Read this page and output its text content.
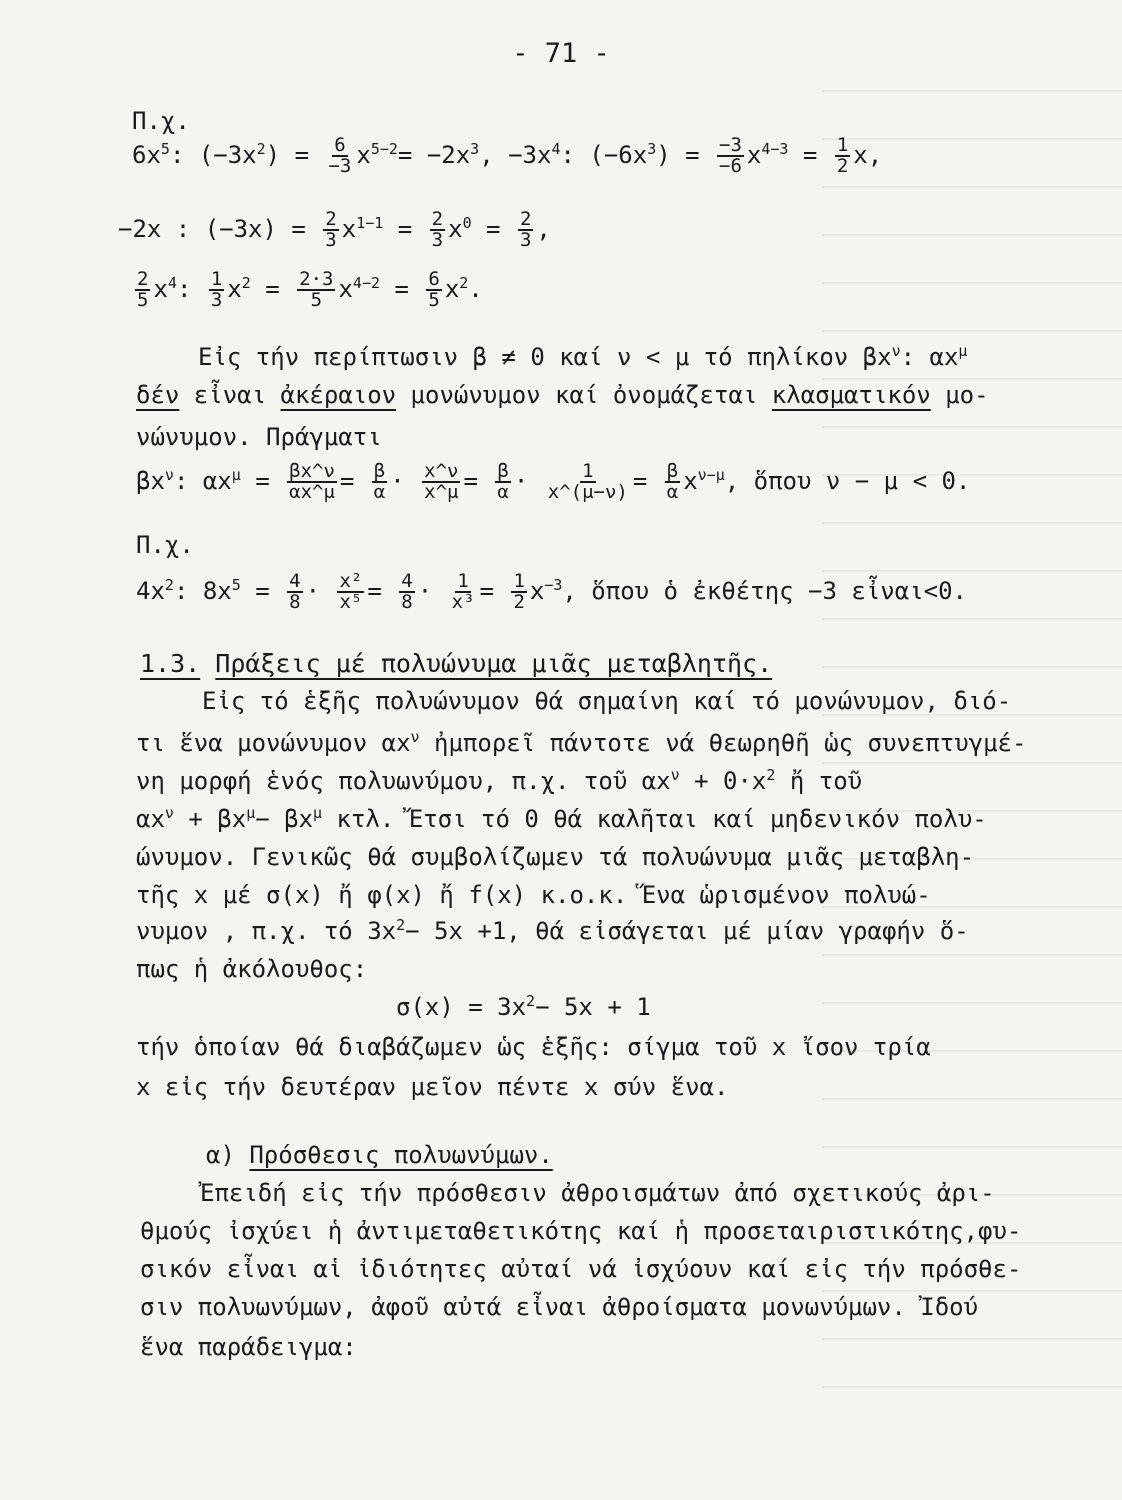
- 71 -
Π.χ.
$6x^5$: $(-3x^2) = \frac{6}{-3} x^{5-2}= -2x^3$, $-3x^4$: $(-6x^3) = \frac{-3}{-6} x^{4-3} = \frac{1}{2} x$,
−2x : $(-3x) = \frac{2}{3} x^{1-1} = \frac{2}{3} x^0 = \frac{2}{3}$ ,
$\frac{2}{5} x^4$: $\frac{1}{3} x^2 = \frac{2\cdot 3}{5} x^{4-2} = \frac{6}{5} x^2$.
Εἰς τήν περίπτωσιν β ≠ 0 καί ν < μ τό πηλίκον $\beta x^\nu$: $\alpha x^\mu$
δέν εἶναι ἀκέραιον μονώνυμον καί ὀνομάζεται κλασματικόν μο-
νώνυμον. Πράγματι
$\beta x^\nu$: $\alpha x^\mu = \frac{\beta x\^{}\nu}{\alpha x\^{}\mu} = \frac{\beta}{\alpha} \cdot \frac{x\^{}\nu}{x\^{}\mu} = \frac{\beta}{\alpha} \cdot \frac{1}{x\^{}(\mu-\nu)} = \frac{\beta}{\alpha} x^{\nu-\mu}$, ὅπου ν − μ < 0.
Π.χ.
$4x^2$: $8x^5 = \frac{4}{8} \cdot \frac{\text{x²}}{\text{x⁵}} = \frac{4}{8} \cdot \frac{1}{\text{x³}} = \frac{1}{2} x^{-3}$, ὅπου ὁ ἐκθέτης −3 εἶναι<0.
1.3. Πράξεις μέ πολυώνυμα μιᾶς μεταβλητῆς.
Εἰς τό ἑξῆς πολυώνυμον θά σημαίνη καί τό μονώνυμον, διό-
τι ἕνα μονώνυμον $\alpha x^\nu$ ἠμπορεῖ πάντοτε νά θεωρηθῆ ὡς συνεπτυγμέ-
νη μορφή ἑνός πολυωνύμου, π.χ. τοῦ $\alpha x^\nu + 0\cdot x^2$ ἤ τοῦ
$\alpha x^\nu + \beta x^\mu- \beta x^\mu$ κτλ. Ἔτσι τό 0 θά καλῆται καί μηδενικόν πολυ-
ώνυμον. Γενικῶς θά συμβολίζωμεν τά πολυώνυμα μιᾶς μεταβλη-
τῆς x μέ σ(x) ἤ φ(x) ἤ f(x) κ.ο.κ. Ἕνα ὡρισμένον πολυώ-
νυμον , π.χ. τό $3x^2- 5x +1$, θά εἰσάγεται μέ μίαν γραφήν ὅ-
πως ἡ ἀκόλουθος:
$\sigma(x) = 3x^2- 5x + 1$
τήν ὁποίαν θά διαβάζωμεν ὡς ἑξῆς: σίγμα τοῦ x ἴσον τρία
x εἰς τήν δευτέραν μεῖον πέντε x σύν ἕνα.
α) Πρόσθεσις πολυωνύμων.
Ἐπειδή εἰς τήν πρόσθεσιν ἀθροισμάτων ἀπό σχετικούς ἀρι-
θμούς ἰσχύει ἡ ἀντιμεταθετικότης καί ἡ προσεταιριστικότης,φυ-
σικόν εἶναι αἱ ἰδιότητες αὐταί νά ἰσχύουν καί εἰς τήν πρόσθε-
σιν πολυωνύμων, ἀφοῦ αὐτά εἶναι ἀθροίσματα μονωνύμων. Ἰδού
ἕνα παράδειγμα:
